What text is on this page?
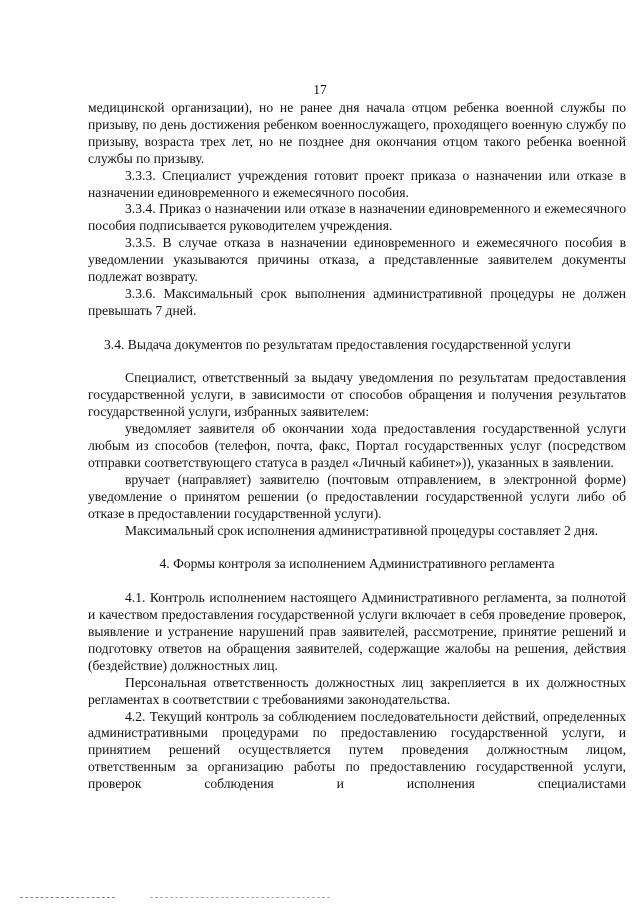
17
медицинской организации), но не ранее дня начала отцом ребенка военной службы по призыву, по день достижения ребенком военнослужащего, проходящего военную службу по призыву, возраста трех лет, но не позднее дня окончания отцом такого ребенка военной службы по призыву.
3.3.3. Специалист учреждения готовит проект приказа о назначении или отказе в назначении единовременного и ежемесячного пособия.
3.3.4. Приказ о назначении или отказе в назначении единовременного и ежемесячного пособия подписывается руководителем учреждения.
3.3.5. В случае отказа в назначении единовременного и ежемесячного пособия в уведомлении указываются причины отказа, а представленные заявителем документы подлежат возврату.
3.3.6. Максимальный срок выполнения административной процедуры не должен превышать 7 дней.
3.4. Выдача документов по результатам предоставления государственной услуги
Специалист, ответственный за выдачу уведомления по результатам предоставления государственной услуги, в зависимости от способов обращения и получения результатов государственной услуги, избранных заявителем:
уведомляет заявителя об окончании хода предоставления государственной услуги любым из способов (телефон, почта, факс, Портал государственных услуг (посредством отправки соответствующего статуса в раздел «Личный кабинет»)), указанных в заявлении.
вручает (направляет) заявителю (почтовым отправлением, в электронной форме) уведомление о принятом решении (о предоставлении государственной услуги либо об отказе в предоставлении государственной услуги).
Максимальный срок исполнения административной процедуры составляет 2 дня.
4. Формы контроля за исполнением Административного регламента
4.1. Контроль исполнением настоящего Административного регламента, за полнотой и качеством предоставления государственной услуги включает в себя проведение проверок, выявление и устранение нарушений прав заявителей, рассмотрение, принятие решений и подготовку ответов на обращения заявителей, содержащие жалобы на решения, действия (бездействие) должностных лиц.
Персональная ответственность должностных лиц закрепляется в их должностных регламентах в соответствии с требованиями законодательства.
4.2. Текущий контроль за соблюдением последовательности действий, определенных административными процедурами по предоставлению государственной услуги, и принятием решений осуществляется путем проведения должностным лицом, ответственным за организацию работы по предоставлению государственной услуги, проверок соблюдения и исполнения специалистами
